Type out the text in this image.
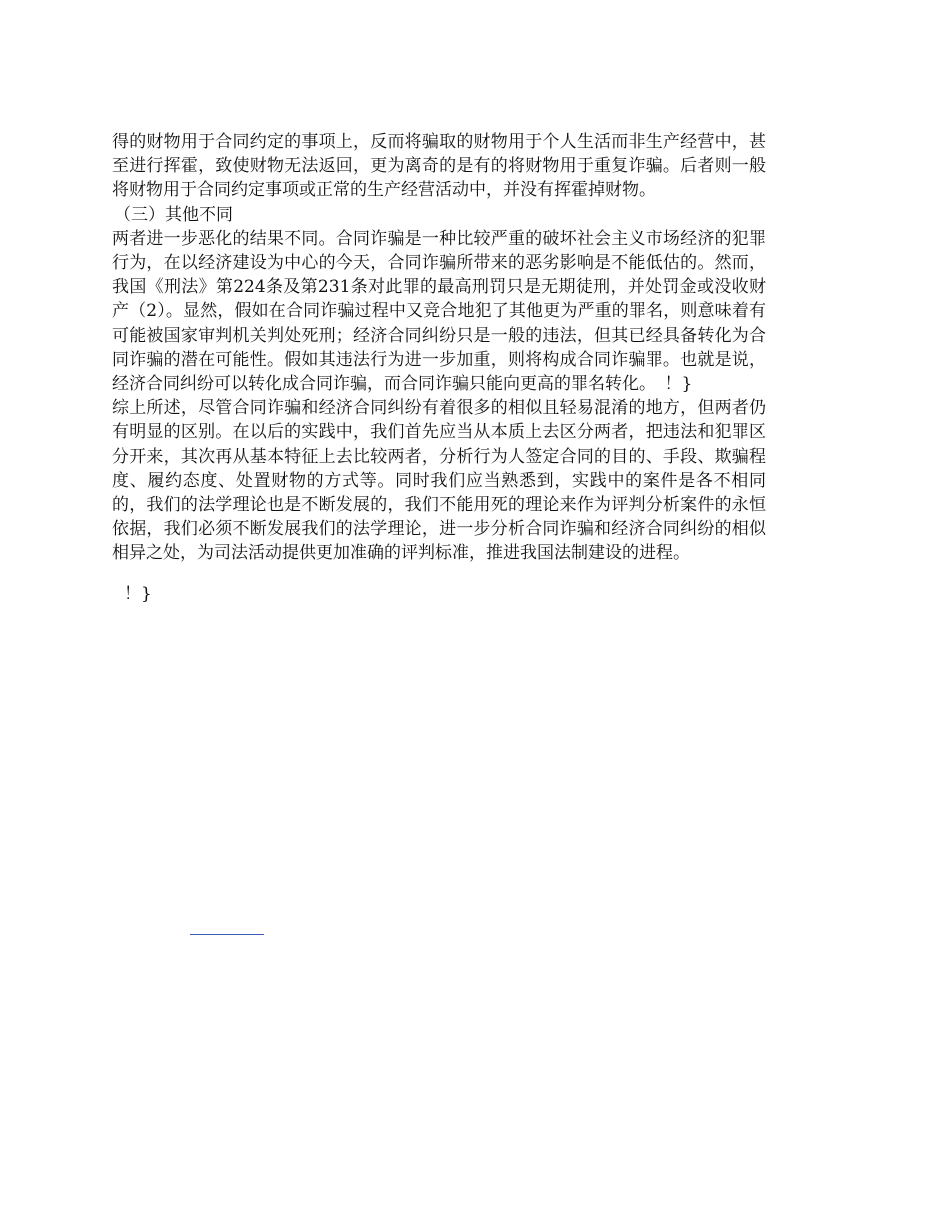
得的财物用于合同约定的事项上，反而将骗取的财物用于个人生活而非生产经营中，甚至进行挥霍，致使财物无法返回，更为离奇的是有的将财物用于重复诈骗。后者则一般将财物用于合同约定事项或正常的生产经营活动中，并没有挥霍掉财物。

（三）其他不同

两者进一步恶化的结果不同。合同诈骗是一种比较严重的破坏社会主义市场经济的犯罪行为，在以经济建设为中心的今天，合同诈骗所带来的恶劣影响是不能低估的。然而，我国《刑法》第224条及第231条对此罪的最高刑罚只是无期徒刑，并处罚金或没收财产（2）。显然，假如在合同诈骗过程中又竞合地犯了其他更为严重的罪名，则意味着有可能被国家审判机关判处死刑；经济合同纠纷只是一般的违法，但其已经具备转化为合同诈骗的潜在可能性。假如其违法行为进一步加重，则将构成合同诈骗罪。也就是说，经济合同纠纷可以转化成合同诈骗，而合同诈骗只能向更高的罪名转化。　！}

综上所述，尽管合同诈骗和经济合同纠纷有着很多的相似且轻易混淆的地方，但两者仍有明显的区别。在以后的实践中，我们首先应当从本质上去区分两者，把违法和犯罪区分开来，其次再从基本特征上去比较两者，分析行为人签定合同的目的、手段、欺骗程度、履约态度、处置财物的方式等。同时我们应当熟悉到，实践中的案件是各不相同的，我们的法学理论也是不断发展的，我们不能用死的理论来作为评判分析案件的永恒依据，我们必须不断发展我们的法学理论，进一步分析合同诈骗和经济合同纠纷的相似相异之处，为司法活动提供更加准确的评判标准，推进我国法制建设的进程。

！}
